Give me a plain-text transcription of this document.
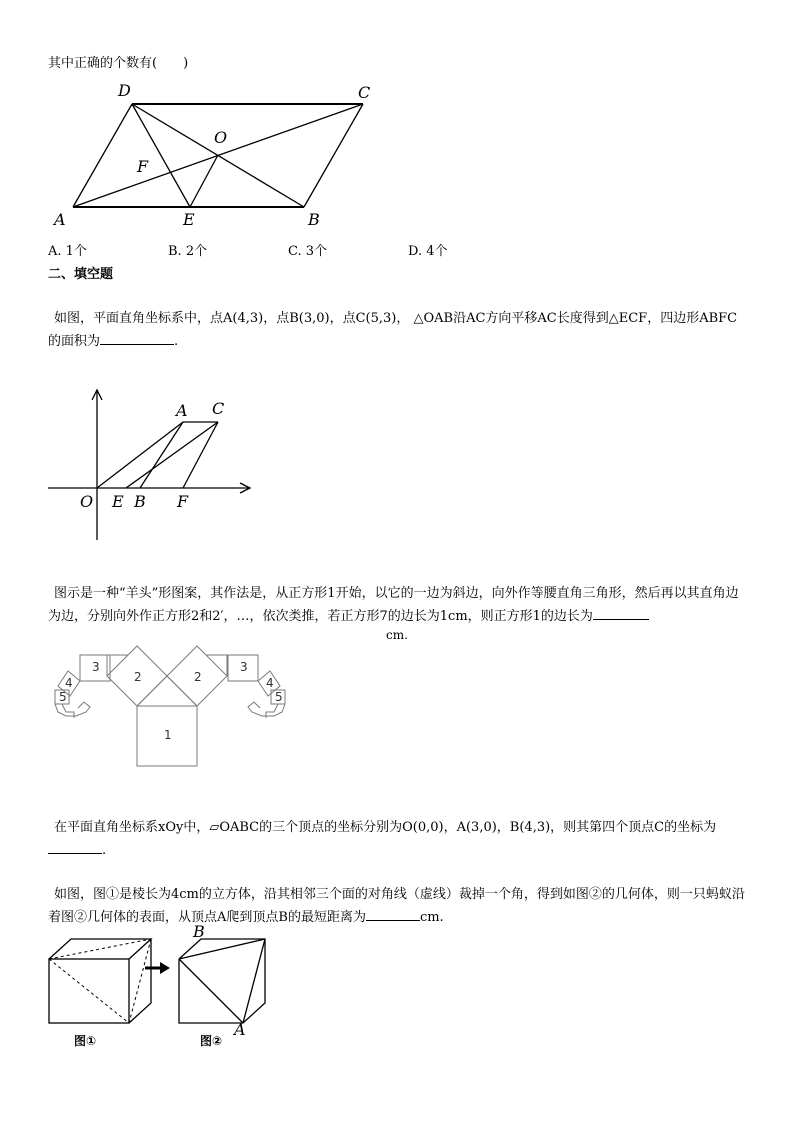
其中正确的个数有(　　)
D	C
O
F
A	E	B
A. 1个	B. 2个	C. 3个	D. 4个
二、填空题
如图，平面直角坐标系中，点A(4,3)，点B(3,0)，点C(5,3)， △OAB沿AC方向平移AC长度得到△ECF，四边形ABFC的面积为	.
A C
O E B F
图示是一种“羊头”形图案，其作法是，从正方形1开始，以它的一边为斜边，向外作等腰直角三角形，然后再以其直角边为边，分别向外作正方形2和2′，…，依次类推，若正方形7的边长为1cm，则正方形1的边长为
cm.
1
2	2
3	3
4	4
5	5
在平面直角坐标系xOy中，▱OABC的三个顶点的坐标分别为O(0,0)，A(3,0)，B(4,3)，则其第四个顶点C的坐标为.
如图，图①是棱长为4cm的立方体，沿其相邻三个面的对角线（虚线）裁掉一个角，得到如图②的几何体，则一只蚂蚁沿着图②几何体的表面，从顶点A爬到顶点B的最短距离为	cm.
B
A
图①	图②
